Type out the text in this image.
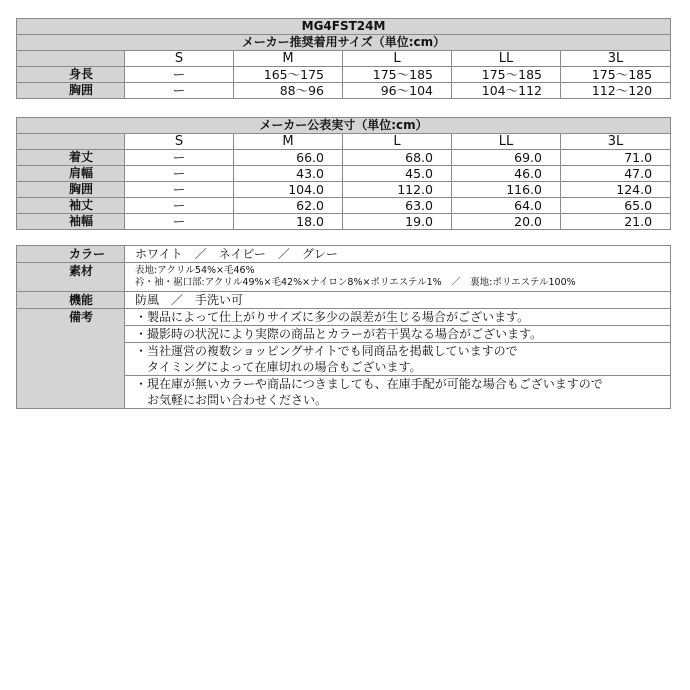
MG4FST24M					
メーカー推奨着用サイズ（単位:cm）					
	S	M	L	LL	3L
身長	ー	165〜175	175〜185	175〜185	175〜185
胸囲	ー	88〜96	96〜104	104〜112	112〜120
メーカー公表実寸（単位:cm）					
	S	M	L	LL	3L
着丈	ー	66.0	68.0	69.0	71.0
肩幅	ー	43.0	45.0	46.0	47.0
胸囲	ー	104.0	112.0	116.0	124.0
袖丈	ー	62.0	63.0	64.0	65.0
袖幅	ー	18.0	19.0	20.0	21.0
カラー	ホワイト　／　ネイビー　／　グレー
素材	表地:アクリル54%×毛46%
衿・袖・裾口部:アクリル49%×毛42%×ナイロン8%×ポリエステル1%　／　裏地:ポリエステル100%

機能	防風　／　手洗い可
備考	・製品によって仕上がりサイズに多少の誤差が生じる場合がございます。
	・撮影時の状況により実際の商品とカラーが若干異なる場合がございます。

	・当社運営の複数ショッピングサイトでも同商品を掲載していますので
　タイミングによって在庫切れの場合もございます。

	・現在庫が無いカラーや商品につきましても、在庫手配が可能な場合もございますので
　お気軽にお問い合わせください。
